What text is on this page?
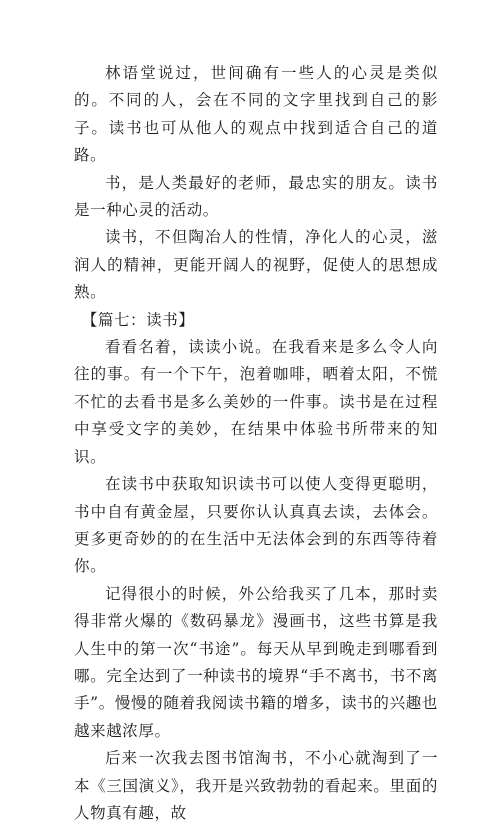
林语堂说过，世间确有一些人的心灵是类似的。不同的人，会在不同的文字里找到自己的影子。读书也可从他人的观点中找到适合自己的道路。

书，是人类最好的老师，最忠实的朋友。读书是一种心灵的活动。

读书，不但陶冶人的性情，净化人的心灵，滋润人的精神，更能开阔人的视野，促使人的思想成熟。

【篇七：读书】

看看名着，读读小说。在我看来是多么令人向往的事。有一个下午，泡着咖啡，晒着太阳，不慌不忙的去看书是多么美妙的一件事。读书是在过程中享受文字的美妙，在结果中体验书所带来的知识。

在读书中获取知识读书可以使人变得更聪明，书中自有黄金屋，只要你认认真真去读，去体会。更多更奇妙的的在生活中无法体会到的东西等待着你。

记得很小的时候，外公给我买了几本，那时卖得非常火爆的《数码暴龙》漫画书，这些书算是我人生中的第一次“书途”。每天从早到晚走到哪看到哪。完全达到了一种读书的境界“手不离书，书不离手”。慢慢的随着我阅读书籍的增多，读书的兴趣也越来越浓厚。

后来一次我去图书馆淘书，不小心就淘到了一本《三国演义》，我开是兴致勃勃的看起来。里面的人物真有趣，故
